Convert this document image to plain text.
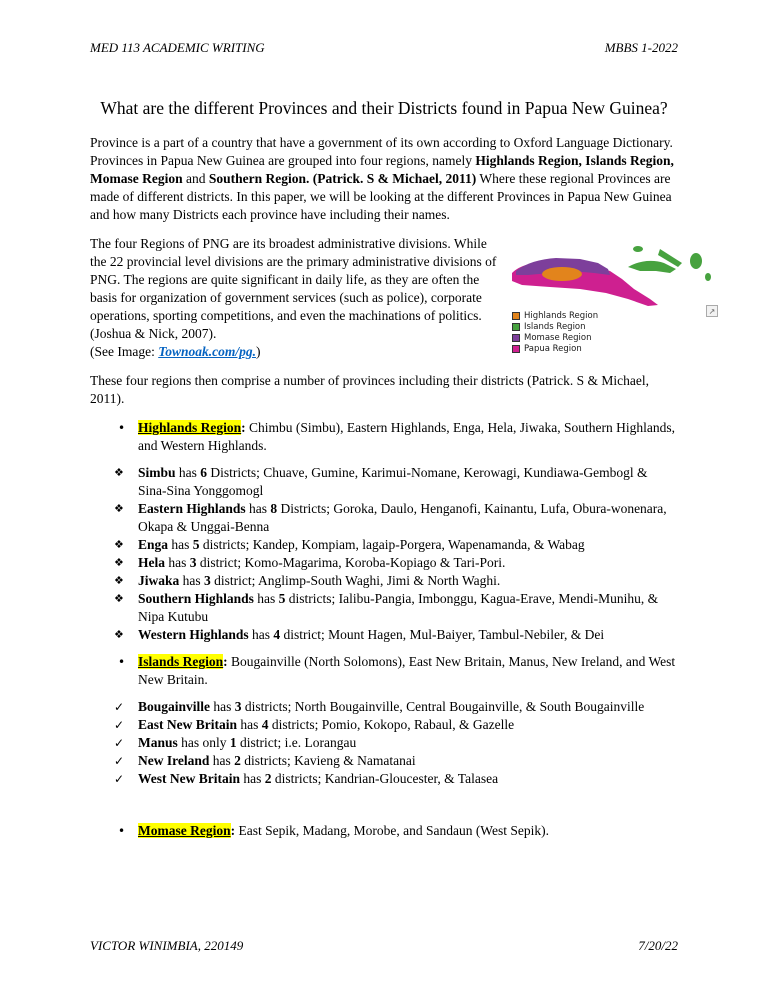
MED 113 ACADEMIC WRITING	MBBS 1-2022
What are the different Provinces and their Districts found in Papua New Guinea?

Province is a part of a country that have a government of its own according to Oxford Language Dictionary. Provinces in Papua New Guinea are grouped into four regions, namely Highlands Region, Islands Region, Momase Region and Southern Region. (Patrick. S & Michael, 2011) Where these regional Provinces are made of different districts. In this paper, we will be looking at the different Provinces in Papua New Guinea and how many Districts each province have including their names.

Highlands Region
Islands Region
Momase Region
Papua Region
↗

The four Regions of PNG are its broadest administrative divisions. While the 22 provincial level divisions are the primary administrative divisions of PNG. The regions are quite significant in daily life, as they are often the basis for organization of government services (such as police), corporate operations, sporting competitions, and even the machinations of politics. (Joshua & Nick, 2007).
(See Image: Townoak.com/pg.)

These four regions then comprise a number of provinces including their districts (Patrick. S & Michael, 2011).

• Highlands Region: Chimbu (Simbu), Eastern Highlands, Enga, Hela, Jiwaka, Southern Highlands, and Western Highlands.
❖	Simbu has 6 Districts; Chuave, Gumine, Karimui-Nomane, Kerowagi, Kundiawa-Gembogl & Sina-Sina Yonggomogl
❖	Eastern Highlands has 8 Districts; Goroka, Daulo, Henganofi, Kainantu, Lufa, Obura-wonenara, Okapa & Unggai-Benna
❖	Enga has 5 districts; Kandep, Kompiam, lagaip-Porgera, Wapenamanda, & Wabag
❖	Hela has 3 district; Komo-Magarima, Koroba-Kopiago & Tari-Pori.
❖	Jiwaka has 3 district; Anglimp-South Waghi, Jimi & North Waghi.
❖	Southern Highlands has 5 districts; Ialibu-Pangia, Imbonggu, Kagua-Erave, Mendi-Munihu, & Nipa Kutubu
❖	Western Highlands has 4 district; Mount Hagen, Mul-Baiyer, Tambul-Nebiler, & Dei
• Islands Region: Bougainville (North Solomons), East New Britain, Manus, New Ireland, and West New Britain.
✓	Bougainville has 3 districts; North Bougainville, Central Bougainville, & South Bougainville
✓	East New Britain has 4 districts; Pomio, Kokopo, Rabaul, & Gazelle
✓	Manus has only 1 district; i.e. Lorangau
✓	New Ireland has 2 districts; Kavieng & Namatanai
✓	West New Britain has 2 districts; Kandrian-Gloucester, & Talasea
• Momase Region: East Sepik, Madang, Morobe, and Sandaun (West Sepik).
VICTOR WINIMBIA, 220149	7/20/22
